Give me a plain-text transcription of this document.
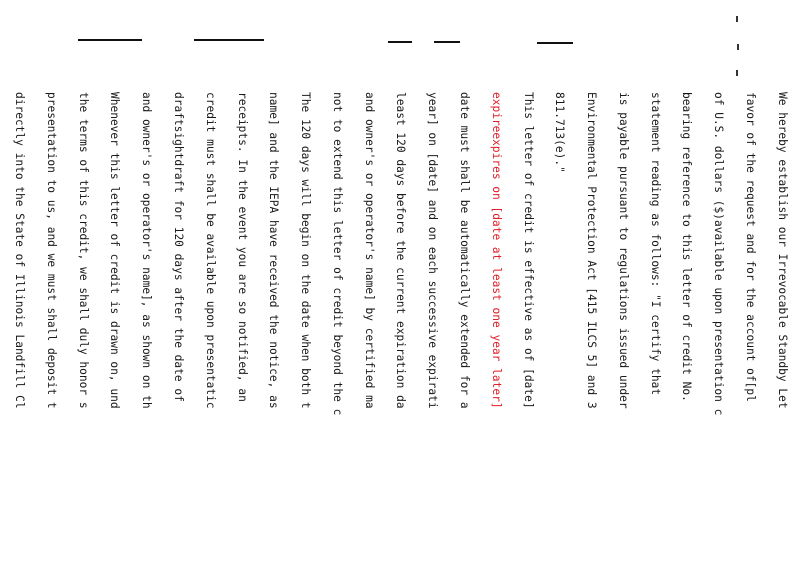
We hereby establish our Irrevocable Standby Let

favor of the request and for the account of[pl

of U.S. dollars ($)available upon presentation c

bearing reference to this letter of credit No.

statement reading as follows: "I certify that

is payable pursuant to regulations issued under

Environmental Protection Act [415 ILCS 5] and 3

811.713(e)."

This letter of credit is effective as of [date]

expireexpires on [date at least one year later]

date must shall be automatically extended for a

year] on [date] and on each successive expirati

least 120 days before the current expiration da

and owner's or operator's name] by certified ma

not to extend this letter of credit beyond the c

The 120 days will begin on the date when both t

name] and the IEPA have received the notice, as

receipts. In the event you are so notified, an

credit must shall be available upon presentatic

draftsightdraft for 120 days after the date of

and owner's or operator's name], as shown on th

Whenever this letter of credit is drawn on, und

the terms of this credit, we shall duly honor s

presentation to us, and we must shall deposit t

directly into the State of Illinois Landfill Cl
